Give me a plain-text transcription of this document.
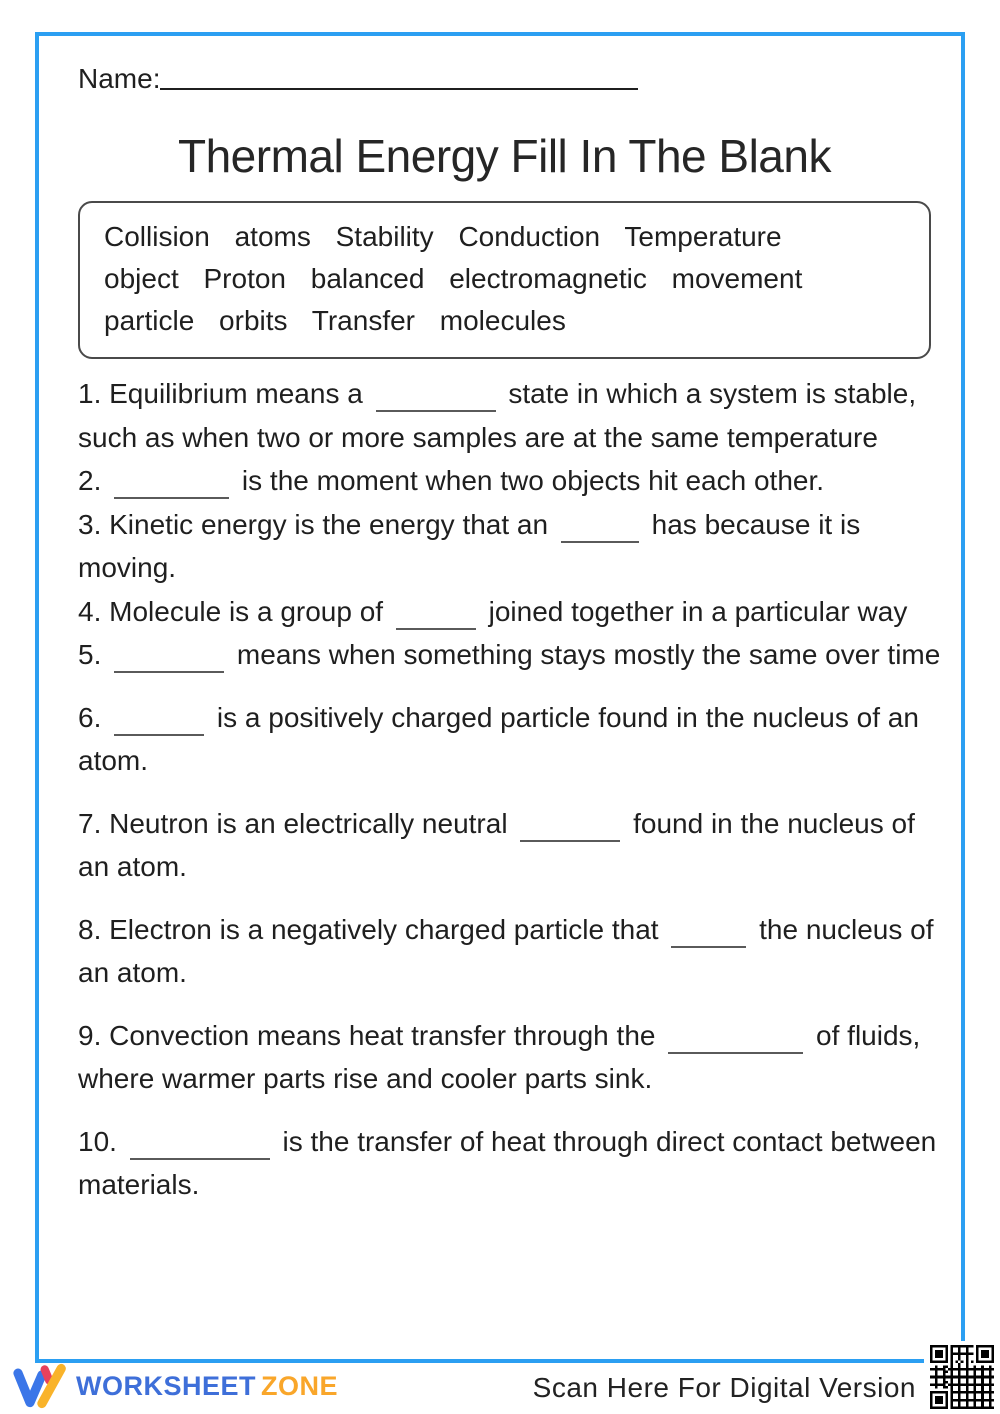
Name:
Thermal Energy Fill In The Blank
Collision atoms Stability Conduction Temperature
object Proton balanced electromagnetic movement
particle orbits Transfer molecules

1. Equilibrium means a	state in which a system is stable, such as when two or more samples are at the same temperature

2.	is the moment when two objects hit each other.

3. Kinetic energy is the energy that an	has because it is moving.

4. Molecule is a group of	joined together in a particular way

5.	means when something stays mostly the same over time

6.	is a positively charged particle found in the nucleus of an atom.

7. Neutron is an electrically neutral	found in the nucleus of an atom.

8. Electron is a negatively charged particle that	the nucleus of an atom.

9. Convection means heat transfer through the	of fluids, where warmer parts rise and cooler parts sink.

10.	is the transfer of heat through direct contact between materials.

WORKSHEET ZONE	Scan Here For Digital Version
